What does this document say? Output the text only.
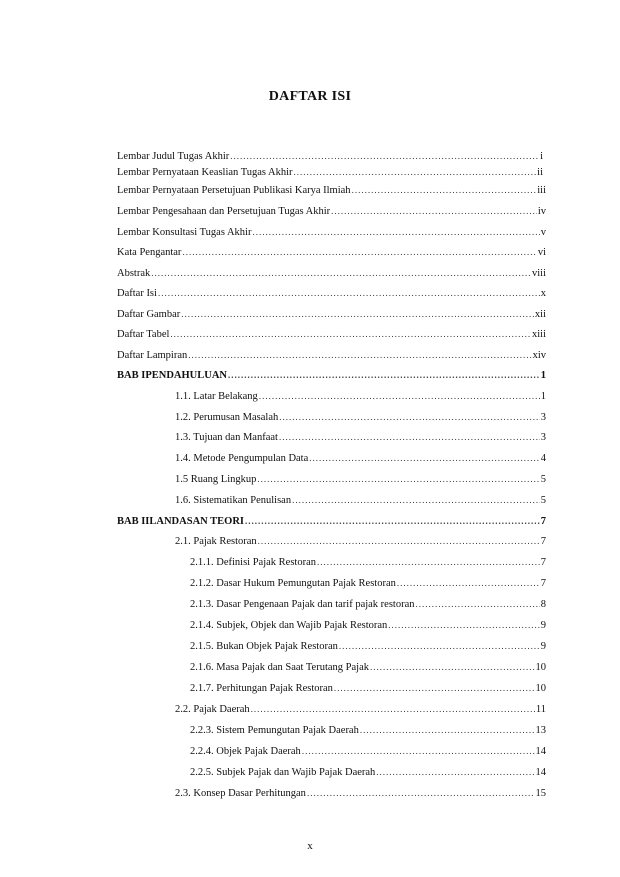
DAFTAR ISI
Lembar Judul Tugas Akhir .....	i
Lembar Pernyataan Keaslian Tugas Akhir .....	ii
Lembar Pernyataan Persetujuan Publikasi Karya Ilmiah .....	iii
Lembar Pengesahaan dan Persetujuan Tugas Akhir .....	iv
Lembar Konsultasi Tugas Akhir .....	v
Kata Pengantar .....	vi
Abstrak .....	viii
Daftar Isi .....	x
Daftar Gambar .....	xii
Daftar Tabel .....	xiii
Daftar Lampiran .....	xiv
BAB I PENDAHULUAN .....	1
1.1. Latar Belakang .....	1
1.2. Perumusan Masalah .....	3
1.3. Tujuan dan Manfaat .....	3
1.4. Metode Pengumpulan Data .....	4
1.5 Ruang Lingkup .....	5
1.6. Sistematikan Penulisan .....	5
BAB II LANDASAN TEORI .....	7
2.1. Pajak Restoran .....	7
2.1.1. Definisi Pajak Restoran .....	7
2.1.2. Dasar Hukum Pemungutan Pajak Restoran .....	7
2.1.3. Dasar Pengenaan Pajak dan tarif pajak restoran .....	8
2.1.4. Subjek, Objek dan Wajib Pajak Restoran .....	9
2.1.5. Bukan Objek Pajak Restoran .....	9
2.1.6. Masa Pajak dan Saat Terutang Pajak .....	10
2.1.7. Perhitungan Pajak Restoran .....	10
2.2. Pajak Daerah .....	11
2.2.3. Sistem Pemungutan Pajak Daerah .....	13
2.2.4. Objek Pajak Daerah .....	14
2.2.5. Subjek Pajak dan Wajib Pajak Daerah .....	14
2.3. Konsep Dasar Perhitungan .....	15
x
